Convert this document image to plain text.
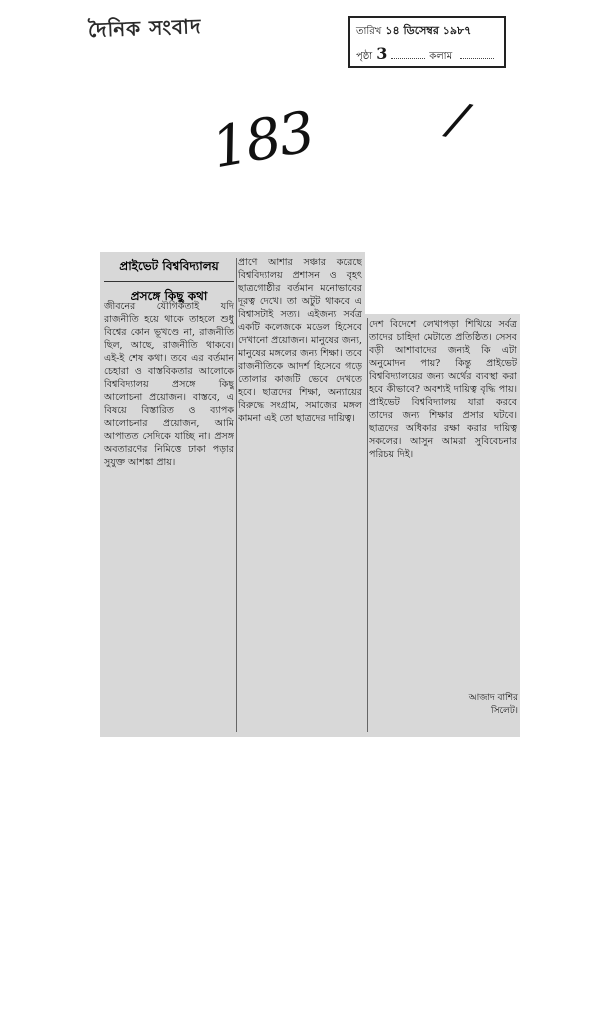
দৈনিক সংবাদ	তারিখ ১৪ ডিসেম্বর ১৯৮৭
পৃষ্ঠা 3	কলাম
183	/
প্রাইভেট বিশ্ববিদ্যালয়
প্রসঙ্গে কিছু কথা

জীবনের যৌগিকতাই যদি রাজনীতি হয়ে থাকে তাহলে শুধু বিশ্বের কোন ভূখণ্ডে না, রাজনীতি ছিল, আছে, রাজনীতি থাকবে। এই-ই শেষ কথা। তবে এর বর্তমান চেহারা ও বাস্তবিকতার আলোকে বিশ্ববিদ্যালয় প্রসঙ্গে কিছু আলোচনা প্রয়োজন। বাস্তবে, এ বিষয়ে বিস্তারিত ও ব্যাপক আলোচনার প্রয়োজন, আমি আপাতত সেদিকে যাচ্ছি না। প্রসঙ্গ অবতারণের নিমিত্তে ঢাকা পড়ার সুযুক্ত আশঙ্কা প্রায়।

প্রাণে আশার সঞ্চার করেছে বিশ্ববিদ্যালয় প্রশাসন ও বৃহৎ ছাত্রগোষ্ঠীর বর্তমান মনোভাবের দূরত্ব দেখে। তা অটুট থাকবে এ বিশ্বাসটাই সত্য। এইজন্য সর্বত্র একটি কলেজকে মডেল হিসেবে দেখানো প্রয়োজন। মানুষের জন্য, মানুষের মঙ্গলের জন্য শিক্ষা। তবে রাজনীতিকে আদর্শ হিসেবে গড়ে তোলার কাজটি ভেবে দেখতে হবে। ছাত্রদের শিক্ষা, অন্যায়ের বিরুদ্ধে সংগ্রাম, সমাজের মঙ্গল কামনা এই তো ছাত্রদের দায়িত্ব।

দেশ বিদেশে লেখাপড়া শিখিয়ে সর্বত্র তাদের চাহিদা মেটাতে প্রতিষ্ঠিত। সেসব বড়ী আশাবাদের জন্যই কি এটা অনুমোদন পায়? কিন্তু প্রাইভেট বিশ্ববিদ্যালয়ের জন্য অর্থের ব্যবস্থা করা হবে কীভাবে? অবশ্যই দায়িত্ব বৃদ্ধি পায়। প্রাইভেট বিশ্ববিদ্যালয় যারা করবে তাদের জন্য শিক্ষার প্রসার ঘটবে। ছাত্রদের অধিকার রক্ষা করার দায়িত্ব সকলের। আসুন আমরা সুবিবেচনার পরিচয় দিই।

আজাদ বাশির
সিলেট।
